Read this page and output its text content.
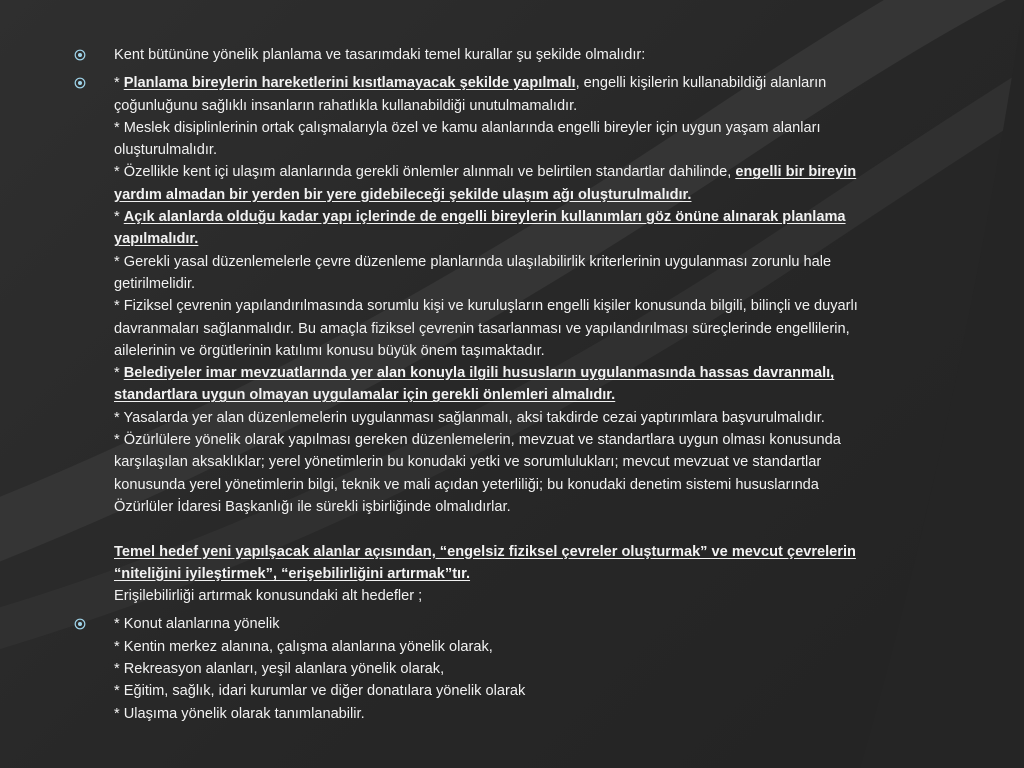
Kent bütününe yönelik planlama ve tasarımdaki temel kurallar şu şekilde olmalıdır:
* Planlama bireylerin hareketlerini kısıtlamayacak şekilde yapılmalı, engelli kişilerin kullanabildiği alanların
çoğunluğunu sağlıklı insanların rahatlıkla kullanabildiği unutulmamalıdır.
* Meslek disiplinlerinin ortak çalışmalarıyla özel ve kamu alanlarında engelli bireyler için uygun yaşam alanları
oluşturulmalıdır.
* Özellikle kent içi ulaşım alanlarında gerekli önlemler alınmalı ve belirtilen standartlar dahilinde, engelli bir bireyin
yardım almadan bir yerden bir yere gidebileceği şekilde ulaşım ağı oluşturulmalıdır.
* Açık alanlarda olduğu kadar yapı içlerinde de engelli bireylerin kullanımları göz önüne alınarak planlama
yapılmalıdır.
* Gerekli yasal düzenlemelerle çevre düzenleme planlarında ulaşılabilirlik kriterlerinin uygulanması zorunlu hale
getirilmelidir.
* Fiziksel çevrenin yapılandırılmasında sorumlu kişi ve kuruluşların engelli kişiler konusunda bilgili, bilinçli ve duyarlı
davranmaları sağlanmalıdır. Bu amaçla fiziksel çevrenin tasarlanması ve yapılandırılması süreçlerinde engellilerin,
ailelerinin ve örgütlerinin katılımı konusu büyük önem taşımaktadır.
* Belediyeler imar mevzuatlarında yer alan konuyla ilgili hususların uygulanmasında hassas davranmalı,
standartlara uygun olmayan uygulamalar için gerekli önlemleri almalıdır.
* Yasalarda yer alan düzenlemelerin uygulanması sağlanmalı, aksi takdirde cezai yaptırımlara başvurulmalıdır.
* Özürlülere yönelik olarak yapılması gereken düzenlemelerin, mevzuat ve standartlara uygun olması konusunda
karşılaşılan aksaklıklar; yerel yönetimlerin bu konudaki yetki ve sorumlulukları; mevcut mevzuat ve standartlar
konusunda yerel yönetimlerin bilgi, teknik ve mali açıdan yeterliliği; bu konudaki denetim sistemi hususlarında
Özürlüler İdaresi Başkanlığı ile sürekli işbirliğinde olmalıdırlar.
Temel hedef yeni yapılşacak alanlar açısından, “engelsiz fiziksel çevreler oluşturmak” ve mevcut çevrelerin
“niteliğini iyileştirmek”, “erişebilirliğini artırmak”tır.
Erişilebilirliği artırmak konusundaki alt hedefler ;
* Konut alanlarına yönelik
* Kentin merkez alanına, çalışma alanlarına yönelik olarak,
* Rekreasyon alanları, yeşil alanlara yönelik olarak,
* Eğitim, sağlık, idari kurumlar ve diğer donatılara yönelik olarak
* Ulaşıma yönelik olarak tanımlanabilir.
